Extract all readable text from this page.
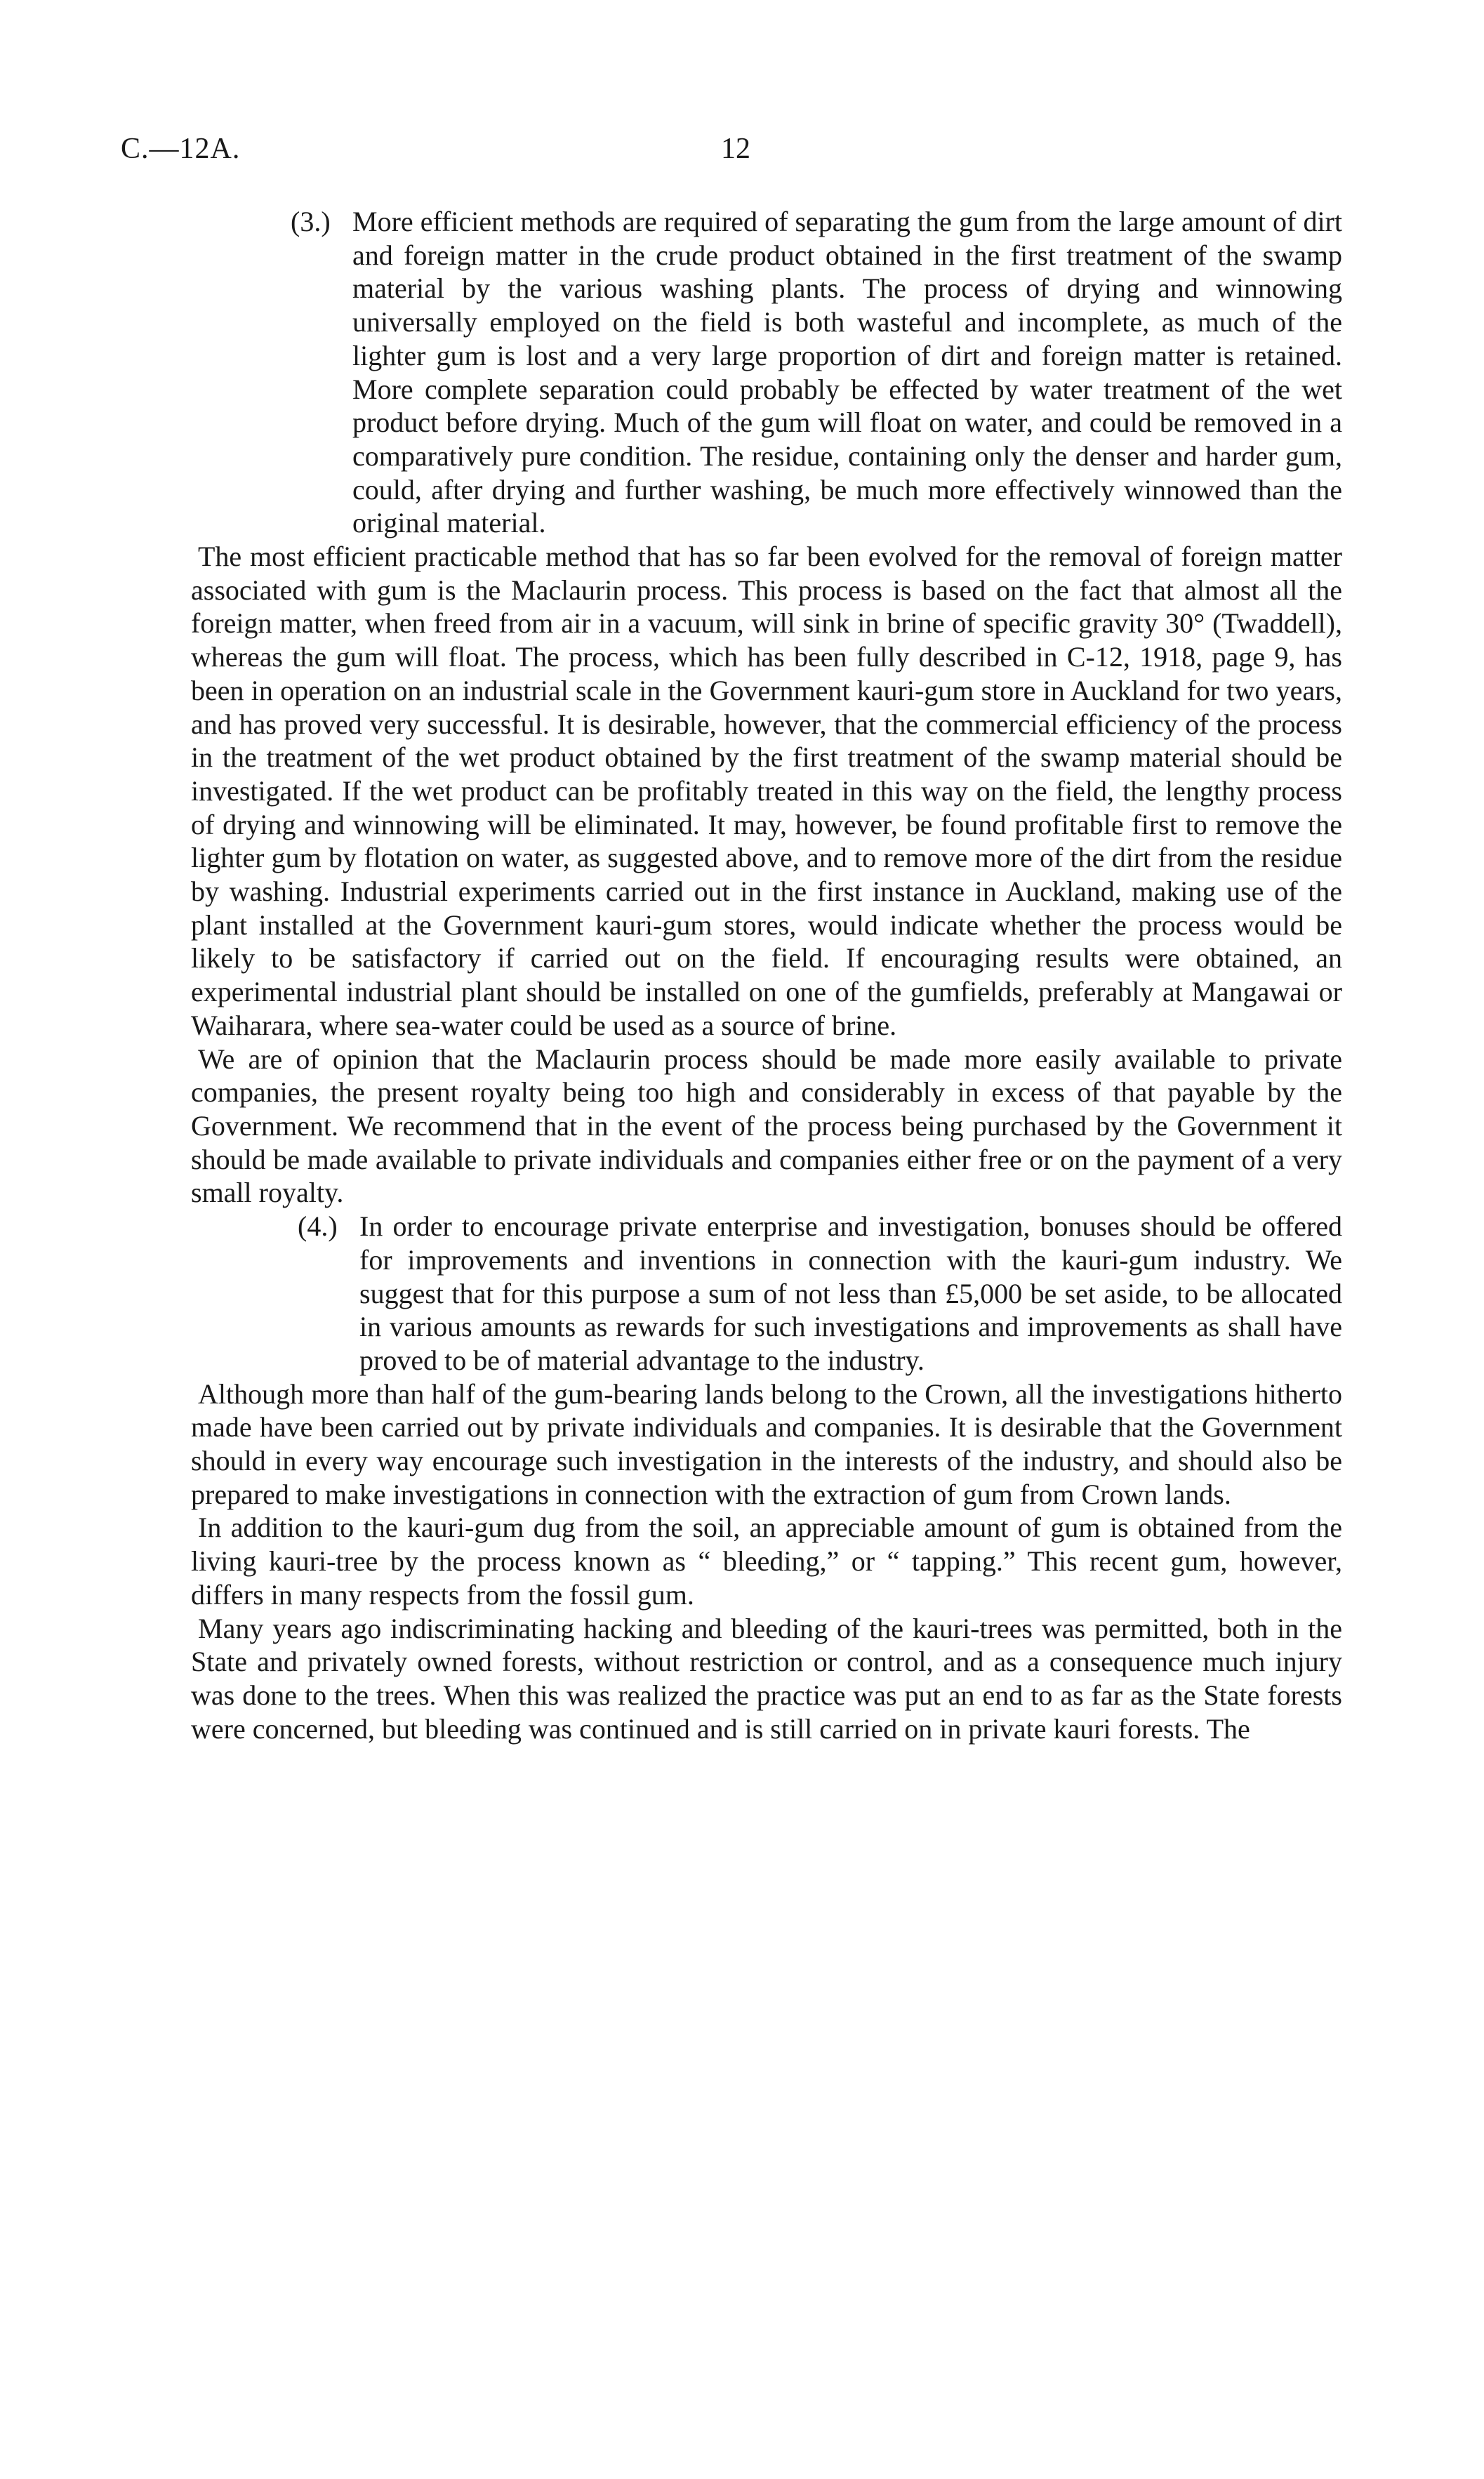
C.—12A.	12

(3.) More efficient methods are required of separating the gum from the large amount of dirt and foreign matter in the crude product obtained in the first treatment of the swamp material by the various washing plants. The process of drying and winnowing universally employed on the field is both wasteful and incomplete, as much of the lighter gum is lost and a very large proportion of dirt and foreign matter is retained. More complete separation could probably be effected by water treatment of the wet product before drying. Much of the gum will float on water, and could be removed in a comparatively pure condition. The residue, containing only the denser and harder gum, could, after drying and further washing, be much more effectively winnowed than the original material.

The most efficient practicable method that has so far been evolved for the removal of foreign matter associated with gum is the Maclaurin process. This process is based on the fact that almost all the foreign matter, when freed from air in a vacuum, will sink in brine of specific gravity 30° (Twaddell), whereas the gum will float. The process, which has been fully described in C-12, 1918, page 9, has been in operation on an industrial scale in the Government kauri-gum store in Auckland for two years, and has proved very successful. It is desirable, however, that the commercial efficiency of the process in the treatment of the wet product obtained by the first treatment of the swamp material should be investigated. If the wet product can be profitably treated in this way on the field, the lengthy process of drying and winnowing will be eliminated. It may, however, be found profitable first to remove the lighter gum by flotation on water, as suggested above, and to remove more of the dirt from the residue by washing. Industrial experiments carried out in the first instance in Auckland, making use of the plant installed at the Government kauri-gum stores, would indicate whether the process would be likely to be satisfactory if carried out on the field. If encouraging results were obtained, an experimental industrial plant should be installed on one of the gumfields, preferably at Mangawai or Waiharara, where sea-water could be used as a source of brine.

We are of opinion that the Maclaurin process should be made more easily available to private companies, the present royalty being too high and considerably in excess of that payable by the Government. We recommend that in the event of the process being purchased by the Government it should be made available to private individuals and companies either free or on the payment of a very small royalty.

(4.) In order to encourage private enterprise and investigation, bonuses should be offered for improvements and inventions in connection with the kauri-gum industry. We suggest that for this purpose a sum of not less than £5,000 be set aside, to be allocated in various amounts as rewards for such investigations and improvements as shall have proved to be of material advantage to the industry.

Although more than half of the gum-bearing lands belong to the Crown, all the investigations hitherto made have been carried out by private individuals and companies. It is desirable that the Government should in every way encourage such investigation in the interests of the industry, and should also be prepared to make investigations in connection with the extraction of gum from Crown lands.

In addition to the kauri-gum dug from the soil, an appreciable amount of gum is obtained from the living kauri-tree by the process known as “ bleeding,” or “ tapping.” This recent gum, however, differs in many respects from the fossil gum.

Many years ago indiscriminating hacking and bleeding of the kauri-trees was permitted, both in the State and privately owned forests, without restriction or control, and as a consequence much injury was done to the trees. When this was realized the practice was put an end to as far as the State forests were concerned, but bleeding was continued and is still carried on in private kauri forests. The
